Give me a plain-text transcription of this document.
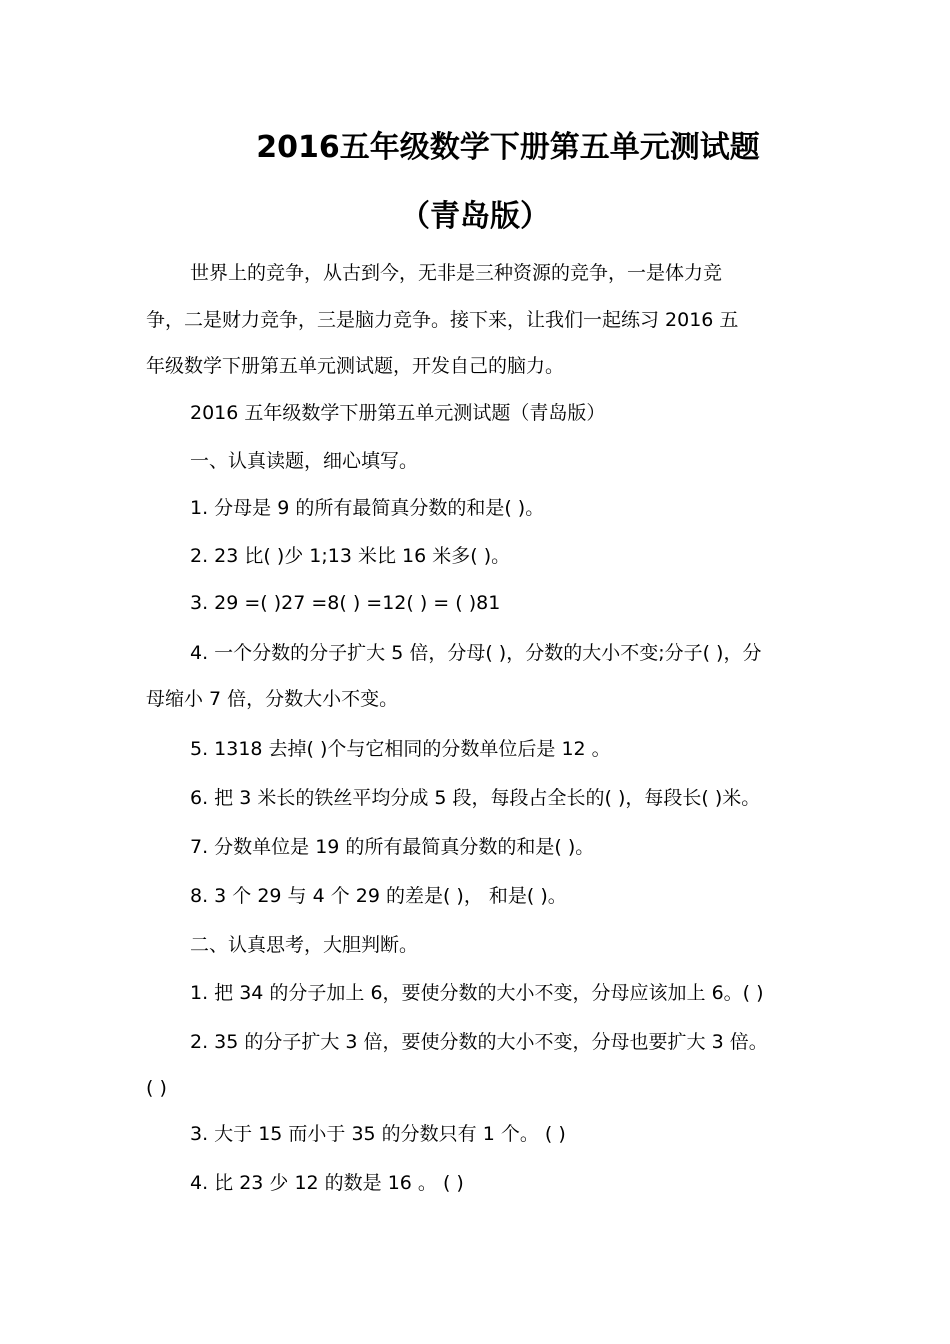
2016五年级数学下册第五单元测试题
（青岛版）
世界上的竞争，从古到今，无非是三种资源的竞争，一是体力竞
争，二是财力竞争，三是脑力竞争。接下来，让我们一起练习 2016 五
年级数学下册第五单元测试题，开发自己的脑力。
2016 五年级数学下册第五单元测试题（青岛版）
一、认真读题，细心填写。
1. 分母是 9 的所有最简真分数的和是( )。
2. 23 比( )少 1;13 米比 16 米多( )。
3. 29 =( )27 =8( ) =12( ) = ( )81
4. 一个分数的分子扩大 5 倍，分母( )，分数的大小不变;分子( )，分
母缩小 7 倍，分数大小不变。
5. 1318 去掉( )个与它相同的分数单位后是 12 。
6. 把 3 米长的铁丝平均分成 5 段，每段占全长的( )，每段长( )米。
7. 分数单位是 19 的所有最简真分数的和是( )。
8. 3 个 29 与 4 个 29 的差是( )， 和是( )。
二、认真思考，大胆判断。
1. 把 34 的分子加上 6，要使分数的大小不变，分母应该加上 6。( )
2. 35 的分子扩大 3 倍，要使分数的大小不变，分母也要扩大 3 倍。
( )
3. 大于 15 而小于 35 的分数只有 1 个。 ( )
4. 比 23 少 12 的数是 16 。 ( )
